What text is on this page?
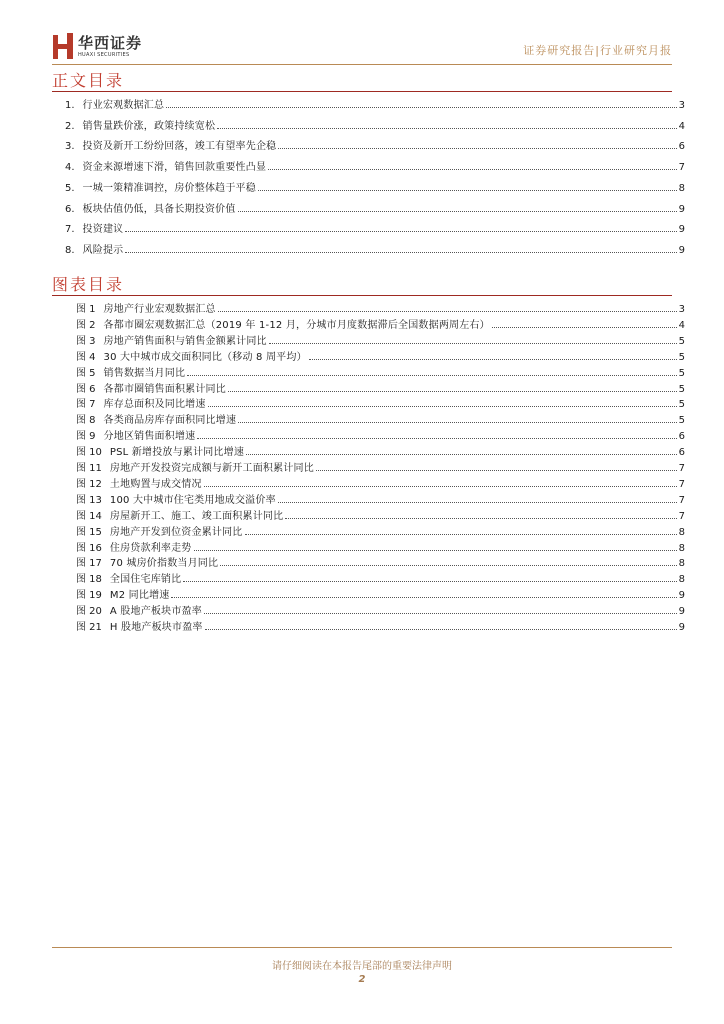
华西证券
HUAXI SECURITIES	证券研究报告|行业研究月报
正文目录
1. 行业宏观数据汇总	3
2. 销售量跌价涨，政策持续宽松	4
3. 投资及新开工纷纷回落，竣工有望率先企稳	6
4. 资金来源增速下滑，销售回款重要性凸显	7
5. 一城一策精准调控，房价整体趋于平稳	8
6. 板块估值仍低，具备长期投资价值	9
7. 投资建议	9
8. 风险提示	9
图表目录
图 1 房地产行业宏观数据汇总	3
图 2 各都市圈宏观数据汇总（2019 年 1-12 月，分城市月度数据滞后全国数据两周左右）	4
图 3 房地产销售面积与销售金额累计同比	5
图 4 30 大中城市成交面积同比（移动 8 周平均）	5
图 5 销售数据当月同比	5
图 6 各都市圈销售面积累计同比	5
图 7 库存总面积及同比增速	5
图 8 各类商品房库存面积同比增速	5
图 9 分地区销售面积增速	6
图 10 PSL 新增投放与累计同比增速	6
图 11 房地产开发投资完成额与新开工面积累计同比	7
图 12 土地购置与成交情况	7
图 13 100 大中城市住宅类用地成交溢价率	7
图 14 房屋新开工、施工、竣工面积累计同比	7
图 15 房地产开发到位资金累计同比	8
图 16 住房贷款利率走势	8
图 17 70 城房价指数当月同比	8
图 18 全国住宅库销比	8
图 19 M2 同比增速	9
图 20 A 股地产板块市盈率	9
图 21 H 股地产板块市盈率	9
请仔细阅读在本报告尾部的重要法律声明
2
